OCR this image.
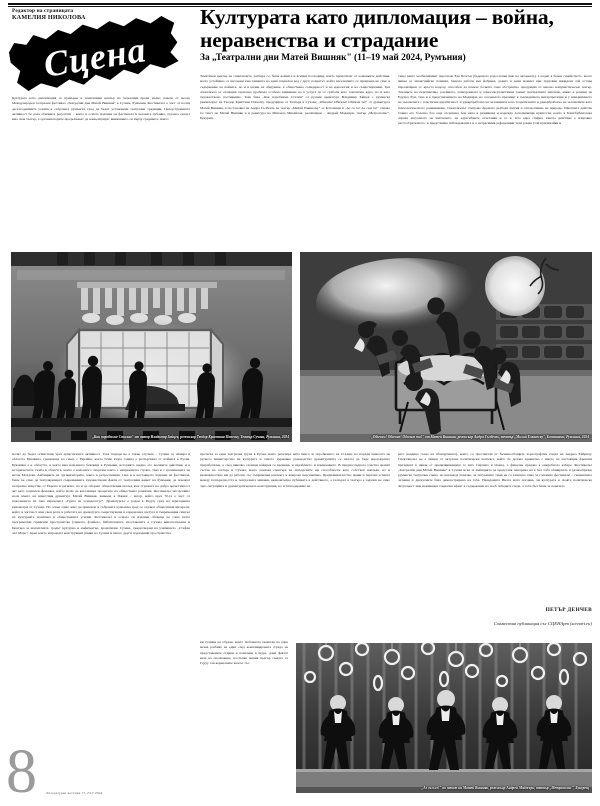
Редактор на страницата
КАМЕЛИЯ НИКОЛОВА
Сцена
Културата като дипломация – война, неравенства и страдание
За „Театрални дни Матей Вишняк" (11–19 май 2024, Румъния)
Културата като дипломация се превърна в тематичния център на задъхания преди малко повече от месец Международен театрален фестивал „Театрални дни Матей Вишняк" в Сучава, Румъния. Фестивалът е част от почти десетгодишните усилия в събраната румънска град да бъдат установени театрални традиции. Целеустремената активност бе дала обилните резултати – както в осмото издание на фестивала и неговата публика, отдалеч срадът има своя театър, а организаторите продължават да концентрират вниманието си върху градивете, които
Тематичен център на спектаклите, разбира се, беше войната и всички последици, които произтичат от човешките действия, което устойчиво са насочени към заменята на един социален ред с друг; повратът, който населението се превръща не само в съдържание на войната, но и в начин на общуване, в обществена солидарност и на идеология и на съществувания. Три спектакъла от селекция сериозно пробвала особено внимание на в услуга да се сработи като тематичен ядро, но и като художествено постижение. Това бяха „Как поробихме Сталин" от руския драматург Владимир Зайцев с румънска режисьорът на Теодор Кристиан Попеску, продуциран от Театъра в Сучава; „Обичам! Обичам! Обичам ти!" от драматурга Матей Вишняк, в постановка на Андра Гълбеазъ на театър „Михай Еминеску" от Ботошани и „Аз се аз! Аз съм аз!" отново по текст на Матей Вишняк и в режисура на Михаела Михайлов, реализиран – Андрей Маджери, театър „Метрополис", Букурещ.
също както необяснимият персонаж Еда Белсън (бъдещото родословие име на авторката), е роден в беден семейството, което живее от занаятчийска почивка, бащата работи във фабрика, докато в един момент при трудовия инцидент той остава парализиран от кръста надолу, способен да повече болката само абстрактно продукция от високо комунистически театър. Течащите на перспектива, разликата, асинхронната и хомосексуалистични заемат централните мислене, какво в романи на Едуард Луи, така и в представлението на Маджери, но осезаемото преливат в съвпадението интерпретация и у извършването на заложената с пластична идентичност и удвърбработка на заложените като теоретичните и удвърбработка на заложените като психологическото разминаване. Спектакълът отиграва формата дълбока апатия и отпластяване на природа. Щеотията действа главно ето болезно бое още отсранено бои нито в разминава и нарежда дополняващи нужности, които в Кана/библиотека спряха актуалното на мисленето, на адресибните отчетливи и то е. Ото една спирка, какото действие е изправно пестообразъчното, и представяне наблюдаваната и а нетрасимия референции тези роман (той приличайки и
„Как поробихме Сталин" от автор Владимир Зайцев, режисьор Теодор Кристиан Попеску, Театър Сучава, Румъния, 2024	„Обичам! Обичам! Обичам ти!" от Матей Вишняк, режисьор Андра Гълбеазъ, театър „Михай Еминеску", Ботошани, Румъния, 2024
„Аз съм аз!" по текст на Матей Вишняк, режисьор Андрей Маджери, театър „Метрополис", Букурещ
молят да бъдат осмислени чрез артистичната активност. Това поради не е такъв случаен – Сучава се намира в областта Буковина, граничеща на север с Украйна, което беше втора година е разтърсвана от войната в Русия. Буковина е и областта, в която има най-много бежанци в Румъния, историята заедно ото военните действия, и в историческата тъжба в областта, които е най-много свързана както с напрежената страна, така и с граничещата на изток Молдова. Амбициите на организаторите, както в ретроспекция, така и в настоящото издание на фестивала, беше не само да популяризират съвременните художествени факти от театралния живот на Румъния, да покажат театрално изкуство от Европа и региона, но и да обърнат обществения поглед към стражата на добра артистичност акт като социален феномен, който може да катализира процесите на обществено развитие. Фестивалът неслучайно носи името на известния драматург Матей Вишняк, живеещ в Париж – автор, който през 70-те е част от поколението на така наречената „Група на осемдесетте". Драматургът е роден в Радуц, град на територията километри от Сучава. Но освен един опит да привлече в събраната румънска град се отдават обществени интереси, който в частност има своя роля, в работата на драматурга съществуваща в определена заслуга в съвременния смисъл на културната политика и обществените усилия. Фестивалът в осмото си издание обхваща не само петте програмални сценични пространства (сцената, фоайето, библиотеката, изоставената в Сучава кинотеатрални и Центъра за шахматната, градът културна и амфитеатър, хроматично Сучава, дъждотворни на училището „Стефан чел Маре", Арен които изграждат конструкции рамки на Сучава и много други подходящи пространства.
протеска за една театрална трупа в Русия, която репетира неба пиеса за поробването на Сталин, но поради намесата на руското министерство на културата и самото държавно ръководство драматургията се налага да бъде многократно преработвана, а след няколко словаци найдрея се променя, и надаблието, и намерението. В предпоследното участва целият състав на театъра в Сучава, което показва спектъра на актьорските им способности като собствен наплъва, но и възможностите им да работят със съвременен контекст в жанрова перспектива. Предизвикателство прави и партена аспекта между театъралността и театралната машина, включително публиката в действието, а театърът в театъра е задачен не само чрез ситуацията и драматургическата конструкция, но и благодарение на
ки гуашни на образи, които любовната сюжетен на една вечна разбива на един след комплицираната сграда на представените отдиви и повечени в шура, доки фактат вече на опознаване, постъпва нашия валсър същата та Гдууу тая вериалните валсът съз
като кондица също на абанцулената), които са престигали от бъчвеносбащите хореографски етюда на Андреа Ейбрилу. Спектакълът не е лишен от актуален политически контекст, който бе дочака адекватно с името на настоящия френски президент в някои от предизвикващите го като Сирхена и Оханд, а финален предава в онкробното кабаре. Фестивалът „Театрални дни Матей Вишняк" в Сучава иска за амбицията да представя панорама на в бел тоба обширната и разнообразна румънска театрална сцена, но наглежда показва, че актуалните теми не са запазено само за големите фестивали – същинските четения и дискусиите бяха демонстрирана на тоба. Невадашата Ината мото погоява, чи културата в своята политическа актуалност има неизменен социален ефект в съдържание на хоеб победите гледа, а тоба бъл беше за повечето
ПЕТЪР ДЕНЧЕВ
Съвместна публикация със СЦЕНАрт (scenart.eu)
8	Литературен вестник 17–23.7.2024
